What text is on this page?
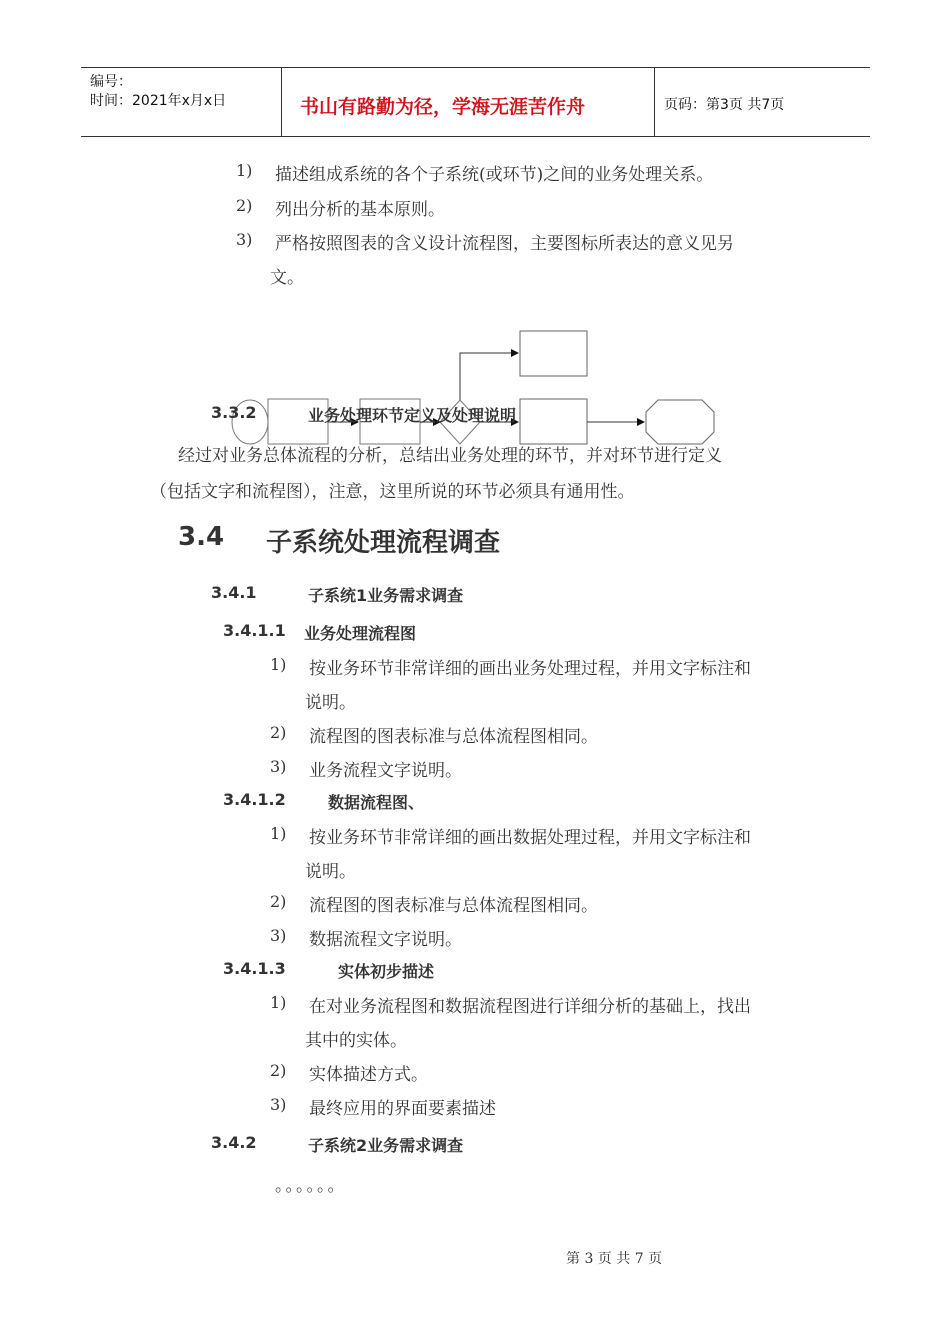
编号：
时间：2021年x月x日	书山有路勤为径，学海无涯苦作舟	页码：第3页 共7页
1) 描述组成系统的各个子系统(或环节)之间的业务处理关系。
2) 列出分析的基本原则。
3) 严格按照图表的含义设计流程图，主要图标所表达的意义见另
文。
3.3.2	业务处理环节定义及处理说明
经过对业务总体流程的分析，总结出业务处理的环节，并对环节进行定义
（包括文字和流程图），注意，这里所说的环节必须具有通用性。
3.4 子系统处理流程调查
3.4.1	子系统1业务需求调查
3.4.1.1 业务处理流程图
1) 按业务环节非常详细的画出业务处理过程，并用文字标注和
说明。
2) 流程图的图表标准与总体流程图相同。
3) 业务流程文字说明。
3.4.1.2	数据流程图、
1) 按业务环节非常详细的画出数据处理过程，并用文字标注和
说明。
2) 流程图的图表标准与总体流程图相同。
3) 数据流程文字说明。
3.4.1.3	实体初步描述
1) 在对业务流程图和数据流程图进行详细分析的基础上，找出
其中的实体。
2) 实体描述方式。
3) 最终应用的界面要素描述
3.4.2	子系统2业务需求调查
。。。。。。
第 3 页 共 7 页
